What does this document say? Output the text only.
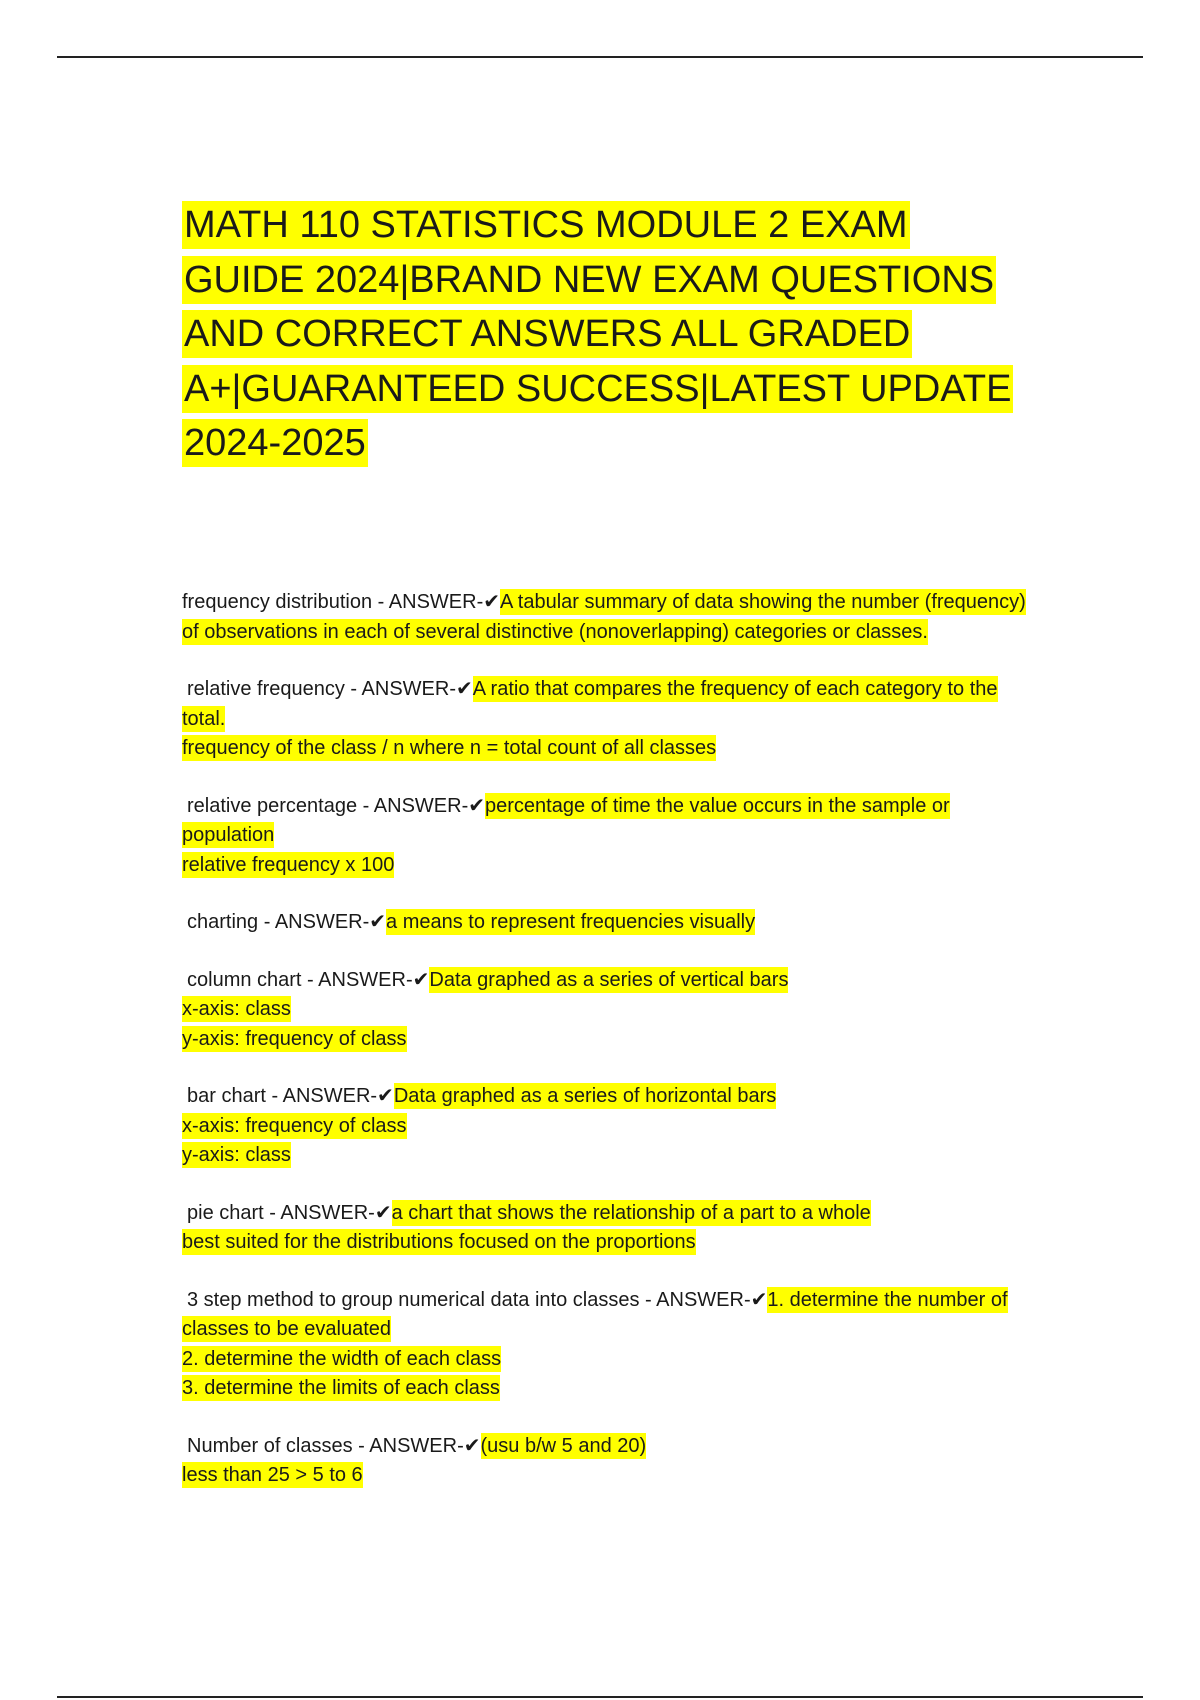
MATH 110 STATISTICS MODULE 2 EXAM GUIDE 2024|BRAND NEW EXAM QUESTIONS AND CORRECT ANSWERS ALL GRADED A+|GUARANTEED SUCCESS|LATEST UPDATE 2024-2025

frequency distribution - ANSWER-✔A tabular summary of data showing the number (frequency) of observations in each of several distinctive (nonoverlapping) categories or classes.

relative frequency - ANSWER-✔A ratio that compares the frequency of each category to the total.
frequency of the class / n where n = total count of all classes

relative percentage - ANSWER-✔percentage of time the value occurs in the sample or population
relative frequency x 100

charting - ANSWER-✔a means to represent frequencies visually

column chart - ANSWER-✔Data graphed as a series of vertical bars
x-axis: class
y-axis: frequency of class

bar chart - ANSWER-✔Data graphed as a series of horizontal bars
x-axis: frequency of class
y-axis: class

pie chart - ANSWER-✔a chart that shows the relationship of a part to a whole
best suited for the distributions focused on the proportions

3 step method to group numerical data into classes - ANSWER-✔1. determine the number of classes to be evaluated
2. determine the width of each class
3. determine the limits of each class

Number of classes - ANSWER-✔(usu b/w 5 and 20)
less than 25 > 5 to 6
